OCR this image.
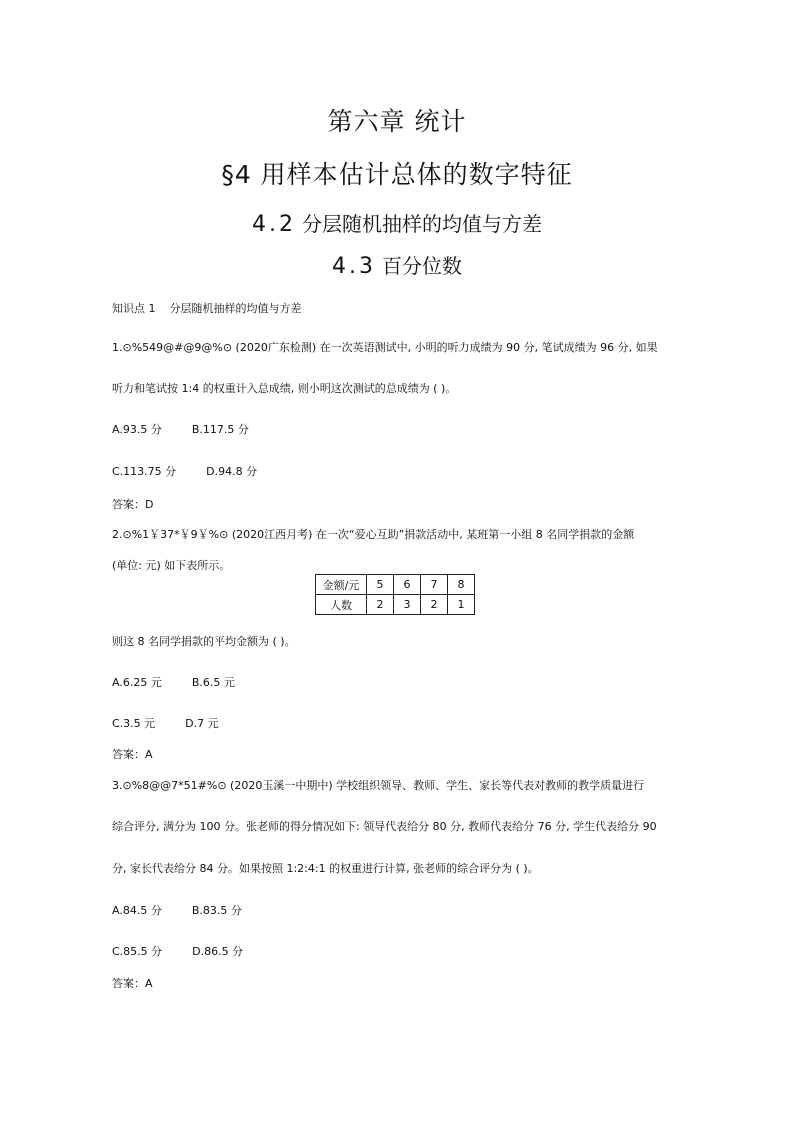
第六章 统计
§4 用样本估计总体的数字特征
4.2 分层随机抽样的均值与方差
4.3 百分位数
知识点 1 分层随机抽样的均值与方差
1.⊙%549@#@9@%⊙ (2020广东检测) 在一次英语测试中, 小明的听力成绩为 90 分, 笔试成绩为 96 分, 如果
听力和笔试按 1:4 的权重计入总成绩, 则小明这次测试的总成绩为 ( )。
A.93.5 分	B.117.5 分
C.113.75 分	D.94.8 分
答案：D
2.⊙%1￥37*￥9￥%⊙ (2020江西月考) 在一次“爱心互助”捐款活动中, 某班第一小组 8 名同学捐款的金额
(单位: 元) 如下表所示。
金额/元	5	6	7	8
人数	2	3	2	1
则这 8 名同学捐款的平均金额为 ( )。
A.6.25 元	B.6.5 元
C.3.5 元	D.7 元
答案：A
3.⊙%8@@7*51#%⊙ (2020玉溪一中期中) 学校组织领导、教师、学生、家长等代表对教师的教学质量进行
综合评分, 满分为 100 分。张老师的得分情况如下: 领导代表给分 80 分, 教师代表给分 76 分, 学生代表给分 90
分, 家长代表给分 84 分。如果按照 1:2:4:1 的权重进行计算, 张老师的综合评分为 ( )。
A.84.5 分	B.83.5 分
C.85.5 分	D.86.5 分
答案：A
